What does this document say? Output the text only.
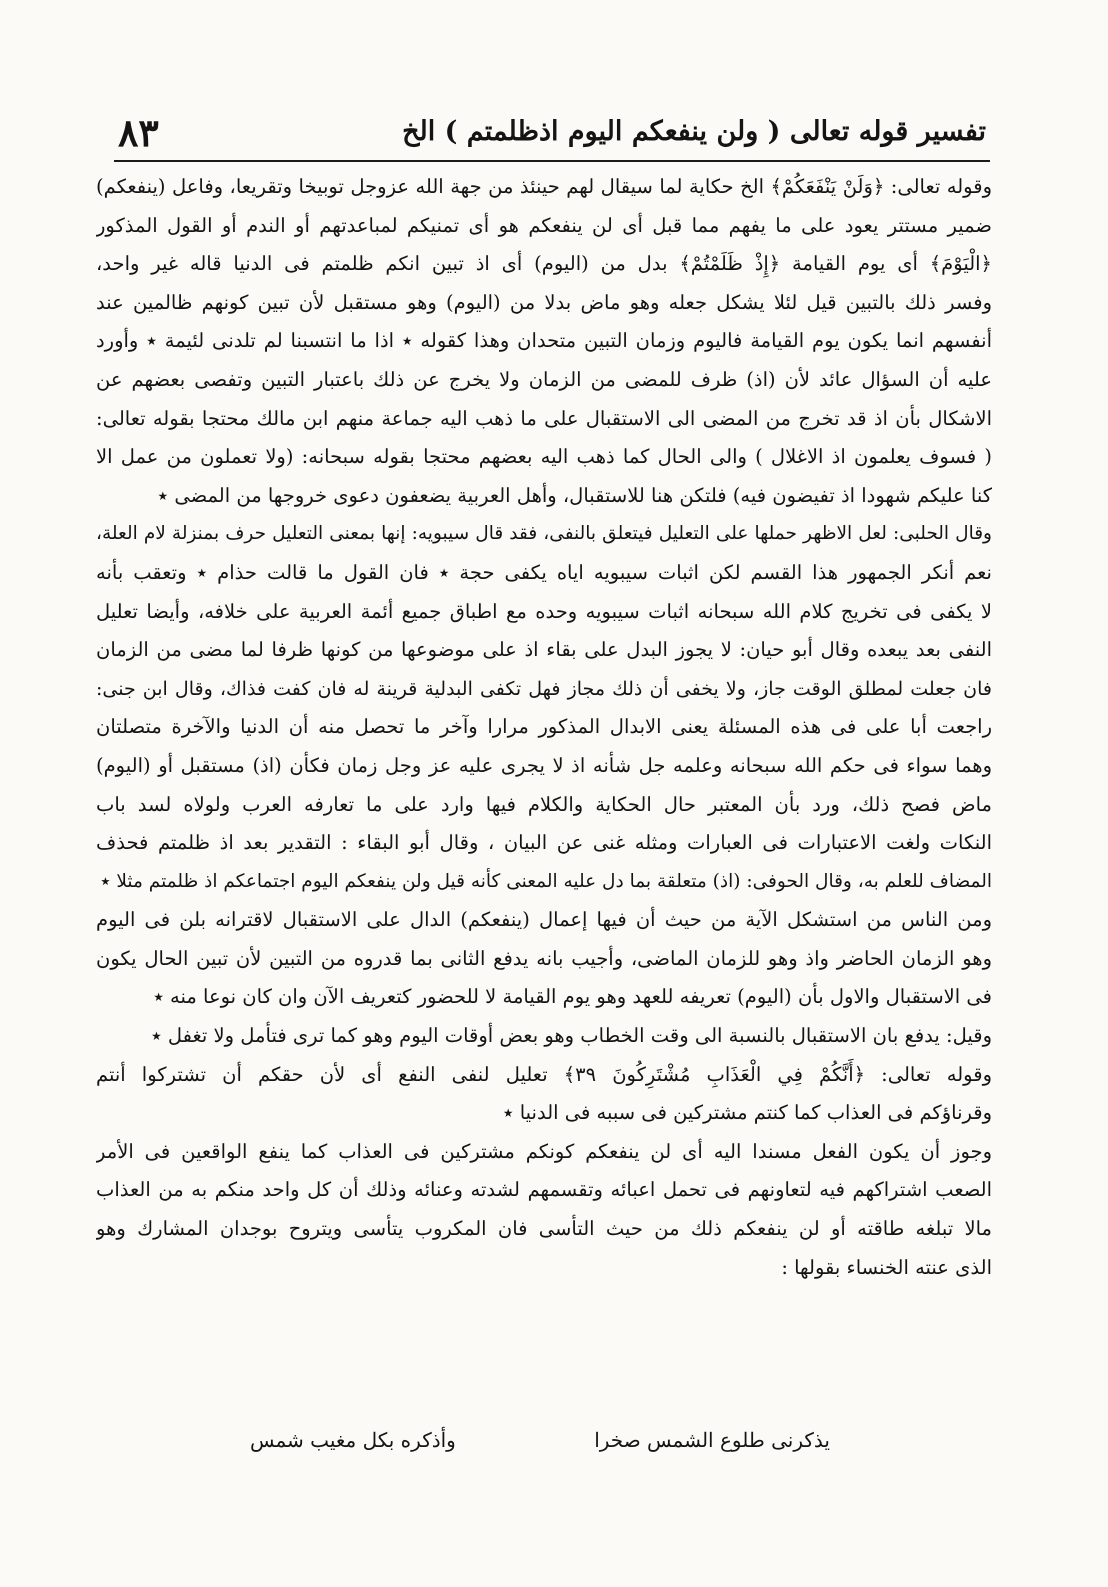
تفسير قوله تعالى ( ولن ينفعكم اليوم اذظلمتم ) الخ
٨٣
وقوله تعالى: ﴿وَلَنْ يَنْفَعَكُمْ﴾ الخ حكاية لما سيقال لهم حينئذ من جهة الله عزوجل توبيخا وتقريعا، وفاعل (ينفعكم)
ضمير مستتر يعود على ما يفهم مما قبل أى لن ينفعكم هو أى تمنيكم لمباعدتهم أو الندم أو القول المذكور
﴿الْيَوْمَ﴾ أى يوم القيامة ﴿إِذْ ظَلَمْتُمْ﴾ بدل من (اليوم) أى اذ تبين انكم ظلمتم فى الدنيا قاله غير واحد،
وفسر ذلك بالتبين قيل لئلا يشكل جعله وهو ماض بدلا من (اليوم) وهو مستقبل لأن تبين كونهم ظالمين عند
أنفسهم انما يكون يوم القيامة فاليوم وزمان التبين متحدان وهذا كقوله ٭ اذا ما انتسبنا لم تلدنى لئيمة ٭ وأورد
عليه أن السؤال عائد لأن (اذ) ظرف للمضى من الزمان ولا يخرج عن ذلك باعتبار التبين وتفصى بعضهم عن
الاشكال بأن اذ قد تخرج من المضى الى الاستقبال على ما ذهب اليه جماعة منهم ابن مالك محتجا بقوله تعالى:
( فسوف يعلمون اذ الاغلال ) والى الحال كما ذهب اليه بعضهم محتجا بقوله سبحانه: (ولا تعملون من عمل الا
كنا عليكم شهودا اذ تفيضون فيه) فلتكن هنا للاستقبال، وأهل العربية يضعفون دعوى خروجها من المضى ٭
وقال الحلبى: لعل الاظهر حملها على التعليل فيتعلق بالنفى، فقد قال سيبويه: إنها بمعنى التعليل حرف بمنزلة لام العلة،
نعم أنكر الجمهور هذا القسم لكن اثبات سيبويه اياه يكفى حجة ٭ فان القول ما قالت حذام ٭ وتعقب بأنه
لا يكفى فى تخريج كلام الله سبحانه اثبات سيبويه وحده مع اطباق جميع أئمة العربية على خلافه، وأيضا تعليل
النفى بعد يبعده وقال أبو حيان: لا يجوز البدل على بقاء اذ على موضوعها من كونها ظرفا لما مضى من الزمان
فان جعلت لمطلق الوقت جاز، ولا يخفى أن ذلك مجاز فهل تكفى البدلية قرينة له فان كفت فذاك، وقال ابن جنى:
راجعت أبا على فى هذه المسئلة يعنى الابدال المذكور مرارا وآخر ما تحصل منه أن الدنيا والآخرة متصلتان
وهما سواء فى حكم الله سبحانه وعلمه جل شأنه اذ لا يجرى عليه عز وجل زمان فكأن (اذ) مستقبل أو (اليوم)
ماض فصح ذلك، ورد بأن المعتبر حال الحكاية والكلام فيها وارد على ما تعارفه العرب ولولاه لسد باب
النكات ولغت الاعتبارات فى العبارات ومثله غنى عن البيان ، وقال أبو البقاء : التقدير بعد اذ ظلمتم فحذف
المضاف للعلم به، وقال الحوفى: (اذ) متعلقة بما دل عليه المعنى كأنه قيل ولن ينفعكم اليوم اجتماعكم اذ ظلمتم مثلا ٭
ومن الناس من استشكل الآية من حيث أن فيها إعمال (ينفعكم) الدال على الاستقبال لاقترانه بلن فى اليوم
وهو الزمان الحاضر واذ وهو للزمان الماضى، وأجيب بانه يدفع الثانى بما قدروه من التبين لأن تبين الحال يكون
فى الاستقبال والاول بأن (اليوم) تعريفه للعهد وهو يوم القيامة لا للحضور كتعريف الآن وان كان نوعا منه ٭
وقيل: يدفع بان الاستقبال بالنسبة الى وقت الخطاب وهو بعض أوقات اليوم وهو كما ترى فتأمل ولا تغفل ٭
وقوله تعالى: ﴿أَنَّكُمْ فِي الْعَذَابِ مُشْتَرِكُونَ ٣٩﴾ تعليل لنفى النفع أى لأن حقكم أن تشتركوا أنتم
وقرناؤكم فى العذاب كما كنتم مشتركين فى سببه فى الدنيا ٭
وجوز أن يكون الفعل مسندا اليه أى لن ينفعكم كونكم مشتركين فى العذاب كما ينفع الواقعين فى الأمر
الصعب اشتراكهم فيه لتعاونهم فى تحمل اعبائه وتقسمهم لشدته وعنائه وذلك أن كل واحد منكم به من العذاب
مالا تبلغه طاقته أو لن ينفعكم ذلك من حيث التأسى فان المكروب يتأسى ويتروح بوجدان المشارك وهو
الذى عنته الخنساء بقولها :
يذكرنى طلوع الشمس صخرا
وأذكره بكل مغيب شمس
